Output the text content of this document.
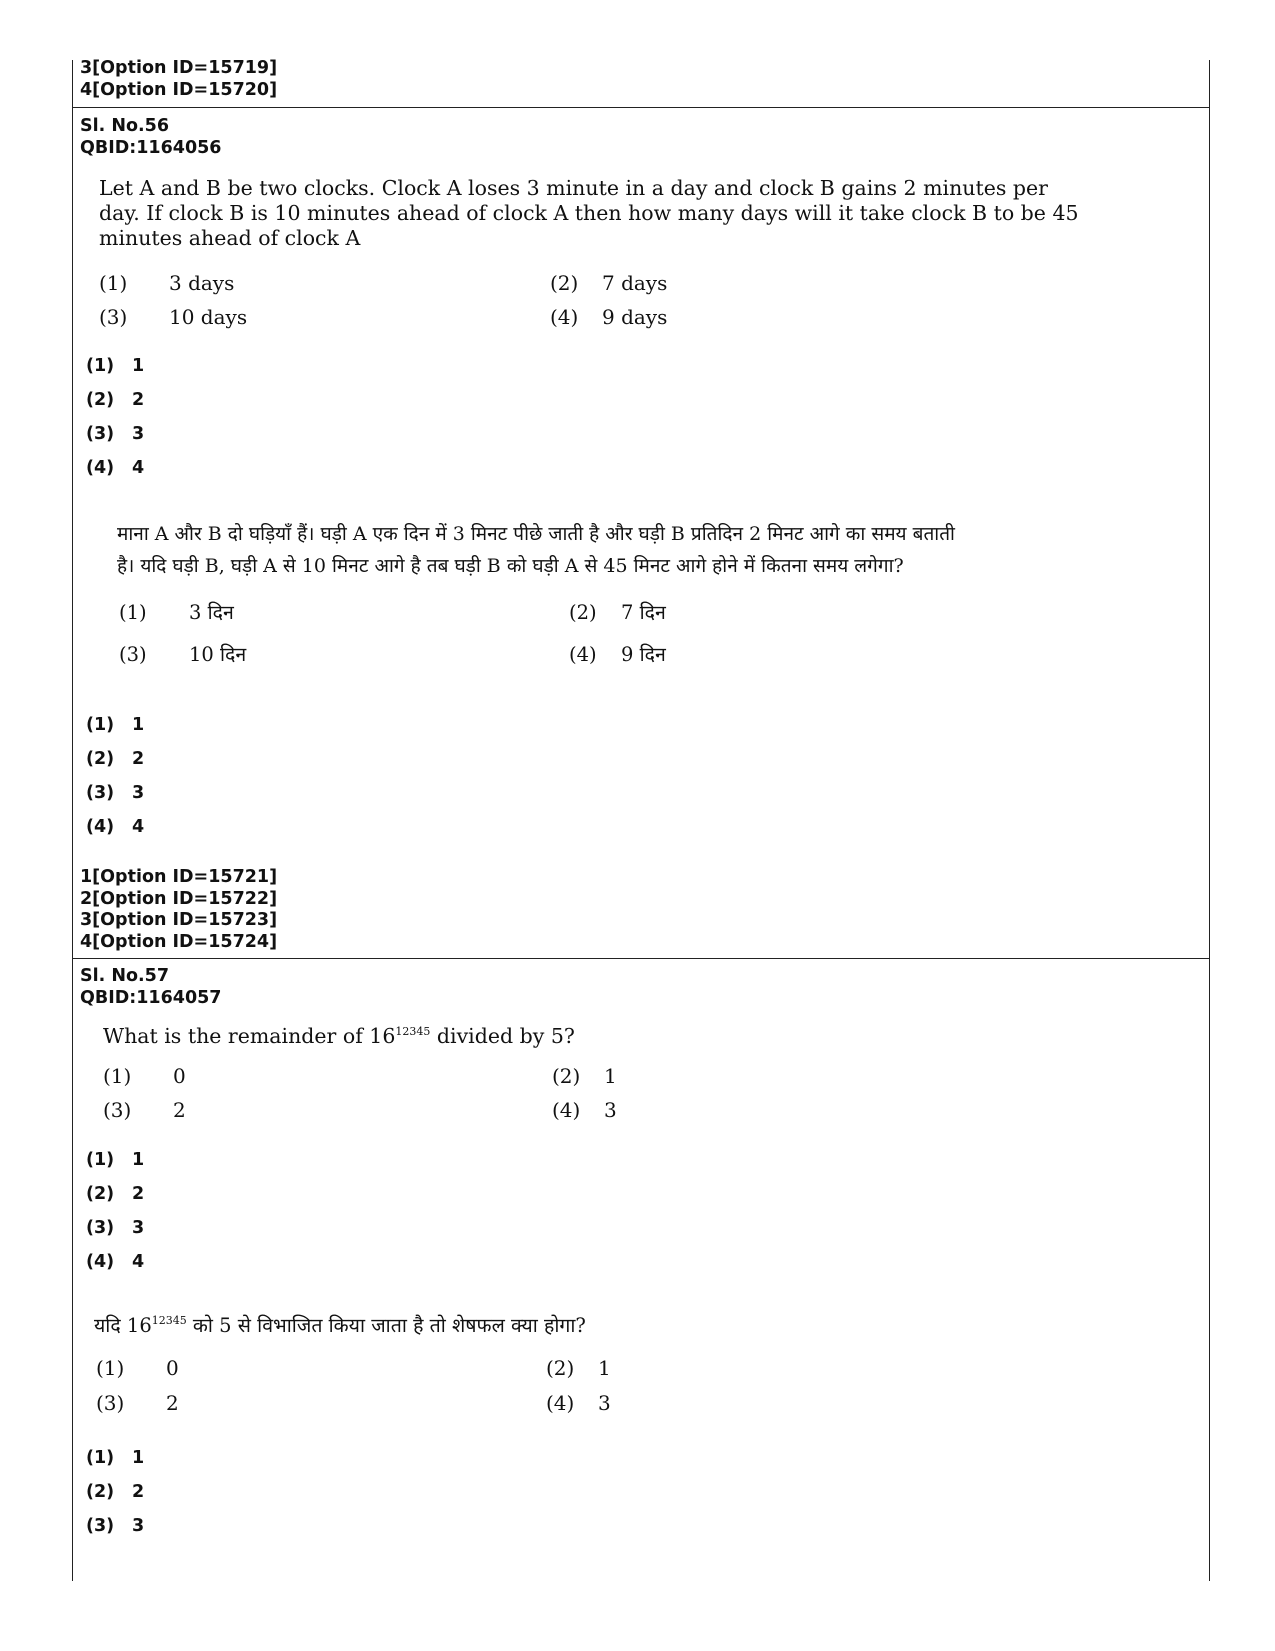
3[Option ID=15719]
4[Option ID=15720]
Sl. No.56
QBID:1164056
Let A and B be two clocks. Clock A loses 3 minute in a day and clock B gains 2 minutes per
day. If clock B is 10 minutes ahead of clock A then how many days will it take clock B to be 45
minutes ahead of clock A
(1) 3 days	(2) 7 days
(3) 10 days	(4) 9 days
(1) 1
(2) 2
(3) 3
(4) 4
माना A और B दो घड़ियाँ हैं। घड़ी A एक दिन में 3 मिनट पीछे जाती है और घड़ी B प्रतिदिन 2 मिनट आगे का समय बताती
है। यदि घड़ी B, घड़ी A से 10 मिनट आगे है तब घड़ी B को घड़ी A से 45 मिनट आगे होने में कितना समय लगेगा?
(1) 3 दिन	(2) 7 दिन
(3) 10 दिन	(4) 9 दिन
(1) 1
(2) 2
(3) 3
(4) 4
1[Option ID=15721]
2[Option ID=15722]
3[Option ID=15723]
4[Option ID=15724]
Sl. No.57
QBID:1164057
What is the remainder of $16^{12345}$ divided by 5?
(1) 0	(2) 1
(3) 2	(4) 3
(1) 1
(2) 2
(3) 3
(4) 4
यदि $16^{12345}$ को 5 से विभाजित किया जाता है तो शेषफल क्या होगा?
(1) 0	(2) 1
(3) 2	(4) 3
(1) 1
(2) 2
(3) 3
